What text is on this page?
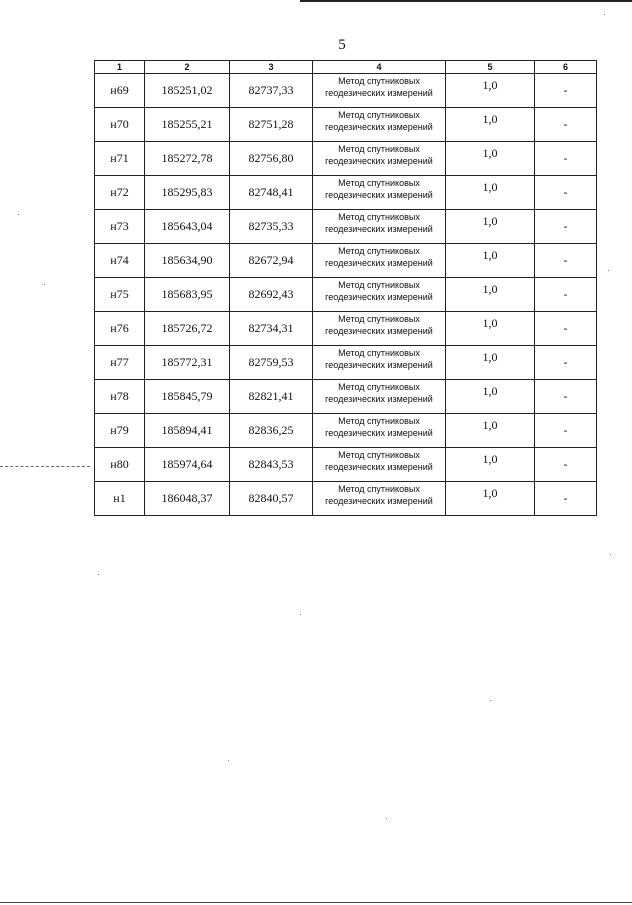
5
1	2	3	4	5	6
н69	185251,02	82737,33	Метод спутниковых геодезических измерений	1,0	-
н70	185255,21	82751,28	Метод спутниковых геодезических измерений	1,0	-
н71	185272,78	82756,80	Метод спутниковых геодезических измерений	1,0	-
н72	185295,83	82748,41	Метод спутниковых геодезических измерений	1,0	-
н73	185643,04	82735,33	Метод спутниковых геодезических измерений	1,0	-
н74	185634,90	82672,94	Метод спутниковых геодезических измерений	1,0	-
н75	185683,95	82692,43	Метод спутниковых геодезических измерений	1,0	-
н76	185726,72	82734,31	Метод спутниковых геодезических измерений	1,0	-
н77	185772,31	82759,53	Метод спутниковых геодезических измерений	1,0	-
н78	185845,79	82821,41	Метод спутниковых геодезических измерений	1,0	-
н79	185894,41	82836,25	Метод спутниковых геодезических измерений	1,0	-
н80	185974,64	82843,53	Метод спутниковых геодезических измерений	1,0	-
н1	186048,37	82840,57	Метод спутниковых геодезических измерений	1,0	-
